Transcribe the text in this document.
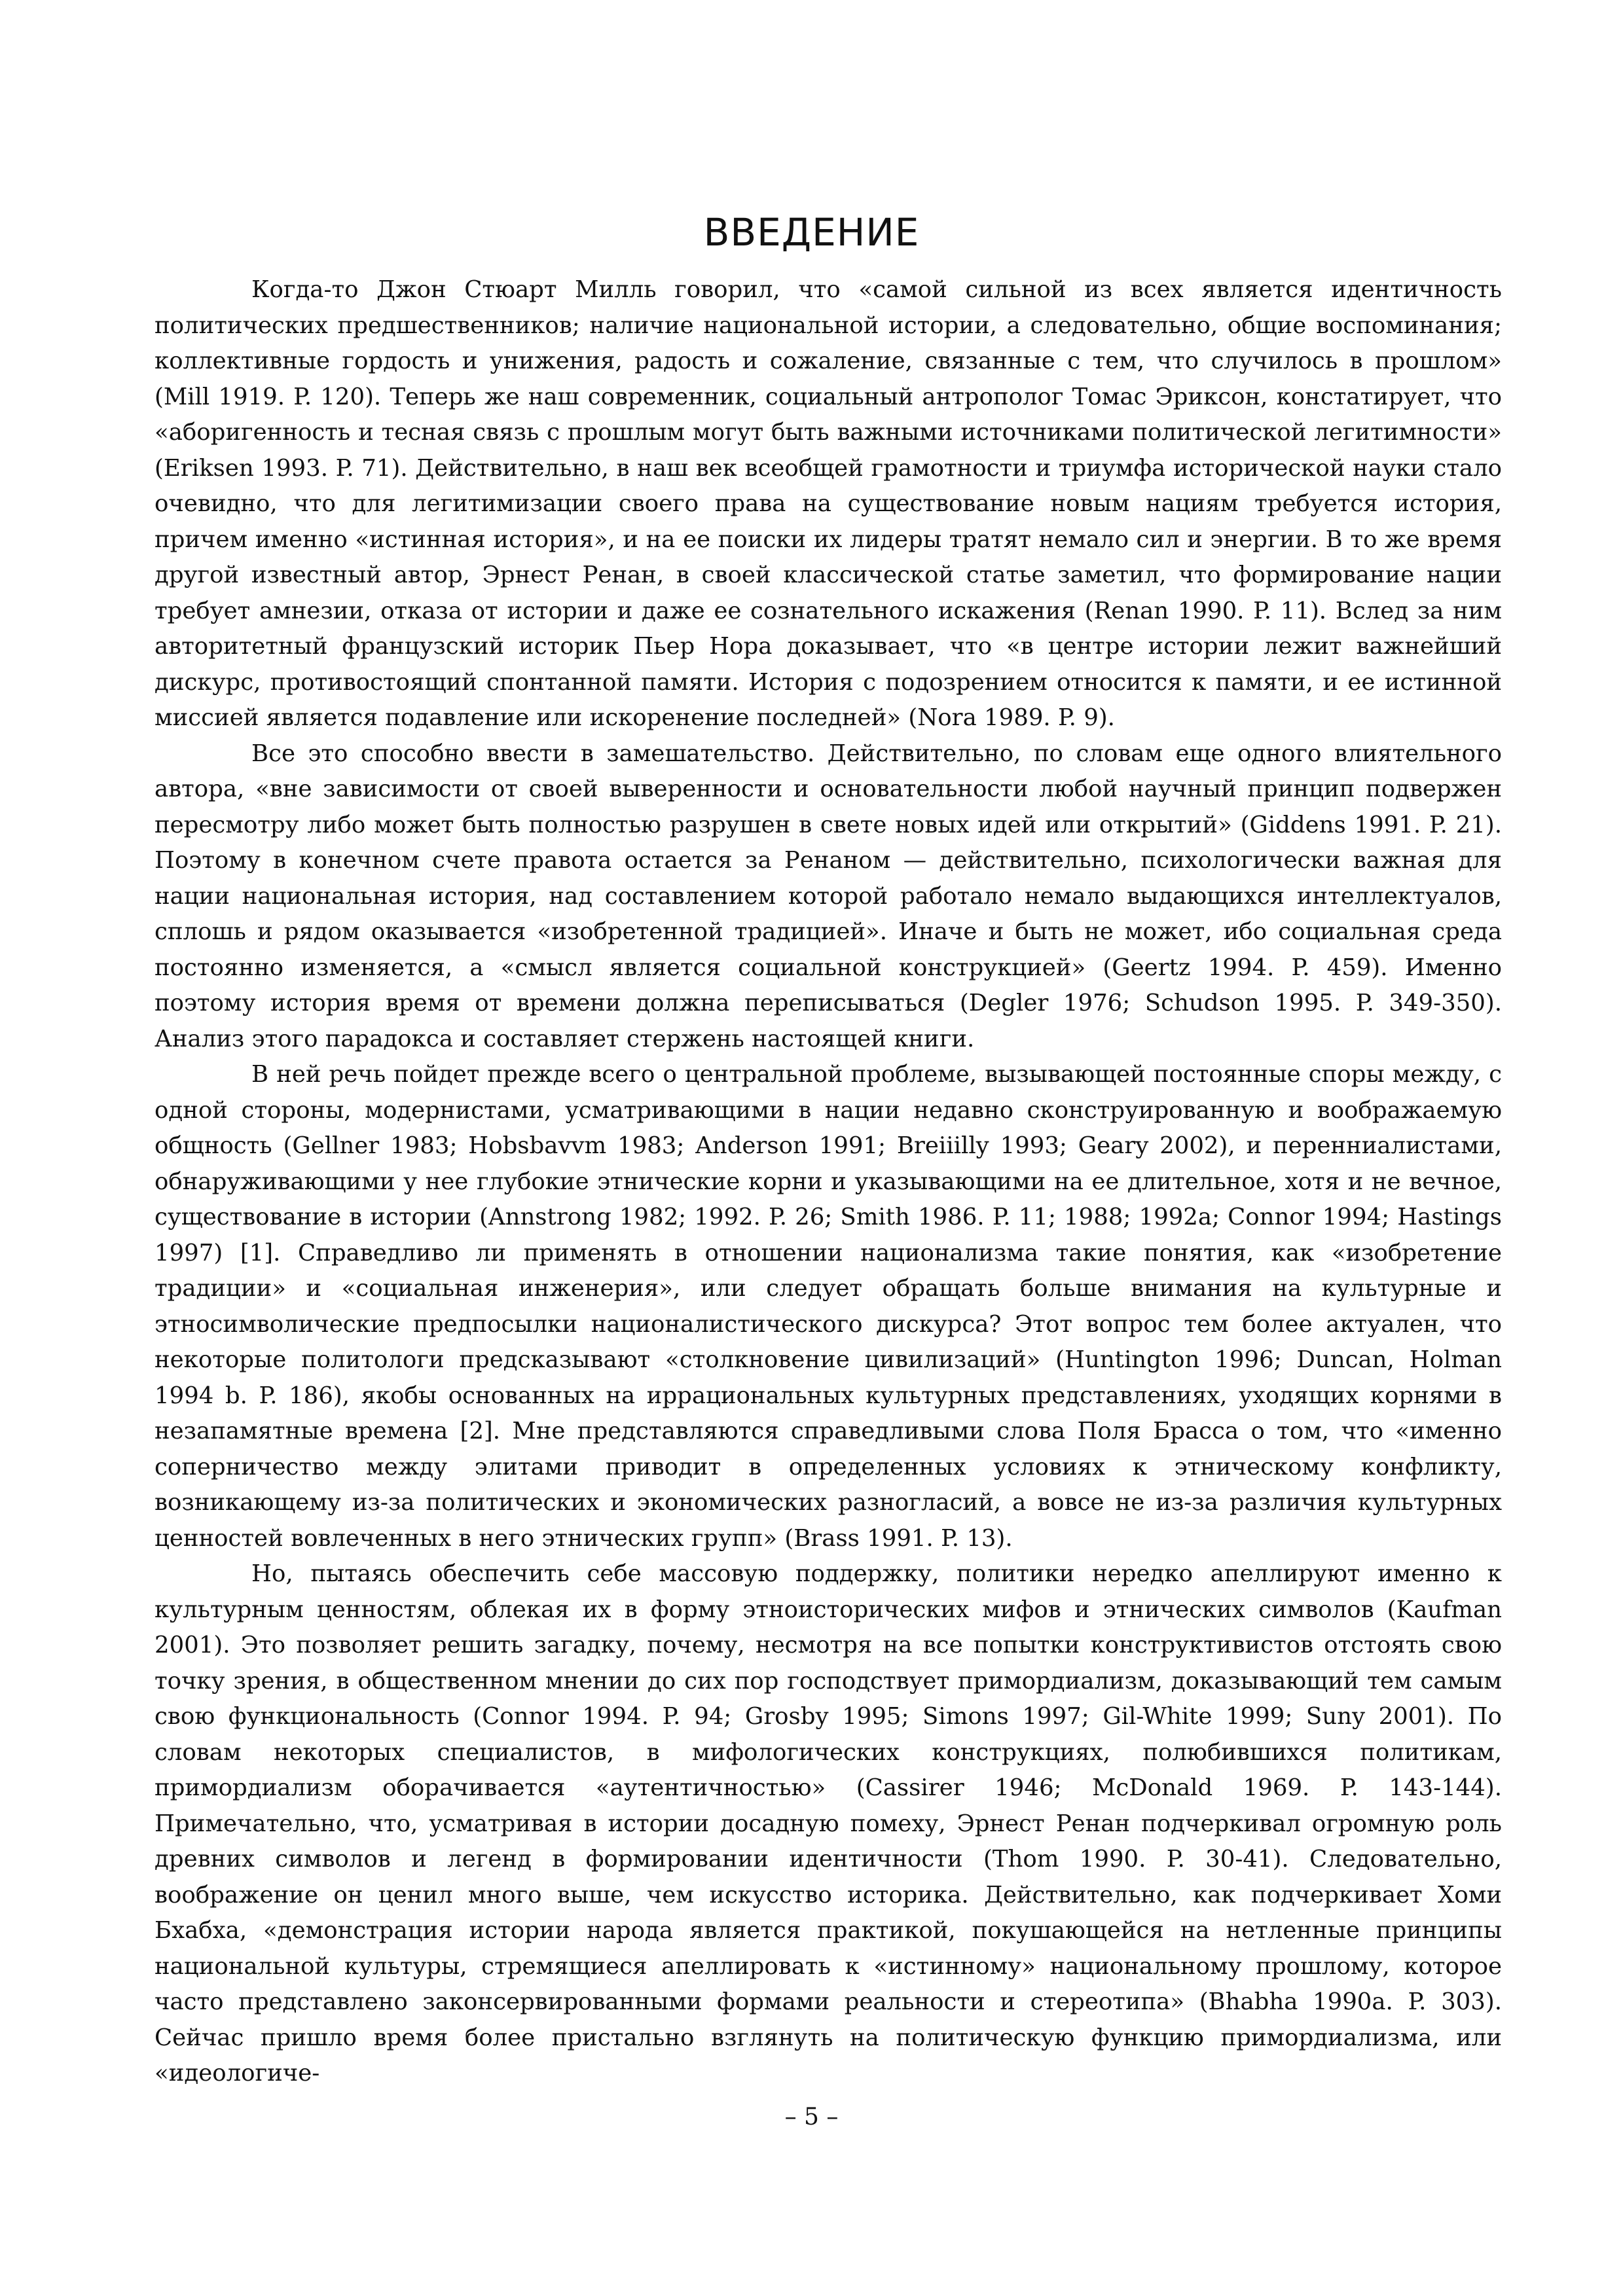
ВВЕДЕНИЕ

Когда-то Джон Стюарт Милль говорил, что «самой сильной из всех является идентичность политических предшественников; наличие национальной истории, а следовательно, общие воспоминания; коллективные гордость и унижения, радость и сожаление, связанные с тем, что случилось в прошлом» (Mill 1919. P. 120). Теперь же наш современник, социальный антрополог Томас Эриксон, констатирует, что «аборигенность и тесная связь с прошлым могут быть важными источниками политической легитимности» (Eriksen 1993. P. 71). Действительно, в наш век всеобщей грамотности и триумфа исторической науки стало очевидно, что для легитимизации своего права на существование новым нациям требуется история, причем именно «истинная история», и на ее поиски их лидеры тратят немало сил и энергии. В то же время другой известный автор, Эрнест Ренан, в своей классической статье заметил, что формирование нации требует амнезии, отказа от истории и даже ее сознательного искажения (Renan 1990. P. 11). Вслед за ним авторитетный французский историк Пьер Нора доказывает, что «в центре истории лежит важнейший дискурс, противостоящий спонтанной памяти. История с подозрением относится к памяти, и ее истинной миссией является подавление или искоренение последней» (Nora 1989. P. 9).

Все это способно ввести в замешательство. Действительно, по словам еще одного влиятельного автора, «вне зависимости от своей выверенности и основательности любой научный принцип подвержен пересмотру либо может быть полностью разрушен в свете новых идей или открытий» (Giddens 1991. P. 21). Поэтому в конечном счете правота остается за Ренаном — действительно, психологически важная для нации национальная история, над составлением которой работало немало выдающихся интеллектуалов, сплошь и рядом оказывается «изобретенной традицией». Иначе и быть не может, ибо социальная среда постоянно изменяется, а «смысл является социальной конструкцией» (Geertz 1994. P. 459). Именно поэтому история время от времени должна переписываться (Degler 1976; Schudson 1995. P. 349-350). Анализ этого парадокса и составляет стержень настоящей книги.

В ней речь пойдет прежде всего о центральной проблеме, вызывающей постоянные споры между, с одной стороны, модернистами, усматривающими в нации недавно сконструированную и воображаемую общность (Gellner 1983; Hobsbavvm 1983; Anderson 1991; Breiiilly 1993; Geary 2002), и перенниалистами, обнаруживающими у нее глубокие этнические корни и указывающими на ее длительное, хотя и не вечное, существование в истории (Annstrong 1982; 1992. P. 26; Smith 1986. P. 11; 1988; 1992a; Connor 1994; Hastings 1997) [1]. Справедливо ли применять в отношении национализма такие понятия, как «изобретение традиции» и «социальная инженерия», или следует обращать больше внимания на культурные и этносимволические предпосылки националистического дискурса? Этот вопрос тем более актуален, что некоторые политологи предсказывают «столкновение цивилизаций» (Huntington 1996; Duncan, Holman 1994 b. P. 186), якобы основанных на иррациональных культурных представлениях, уходящих корнями в незапамятные времена [2]. Мне представляются справедливыми слова Поля Брасса о том, что «именно соперничество между элитами приводит в определенных условиях к этническому конфликту, возникающему из-за политических и экономических разногласий, а вовсе не из-за различия культурных ценностей вовлеченных в него этнических групп» (Brass 1991. P. 13).

Но, пытаясь обеспечить себе массовую поддержку, политики нередко апеллируют именно к культурным ценностям, облекая их в форму этноисторических мифов и этнических символов (Kaufman 2001). Это позволяет решить загадку, почему, несмотря на все попытки конструктивистов отстоять свою точку зрения, в общественном мнении до сих пор господствует примордиализм, доказывающий тем самым свою функциональность (Connor 1994. P. 94; Grosby 1995; Simons 1997; Gil-White 1999; Suny 2001). По словам некоторых специалистов, в мифологических конструкциях, полюбившихся политикам, примордиализм оборачивается «аутентичностью» (Cassirer 1946; McDonald 1969. P. 143-144). Примечательно, что, усматривая в истории досадную помеху, Эрнест Ренан подчеркивал огромную роль древних символов и легенд в формировании идентичности (Thom 1990. P. 30-41). Следовательно, воображение он ценил много выше, чем искусство историка. Действительно, как подчеркивает Хоми Бхабха, «демонстрация истории народа является практикой, покушающейся на нетленные принципы национальной культуры, стремящиеся апеллировать к «истинному» национальному прошлому, которое часто представлено законсервированными формами реальности и стереотипа» (Bhabha 1990a. P. 303). Сейчас пришло время более пристально взглянуть на политическую функцию примордиализма, или «идеологиче-

– 5 –
